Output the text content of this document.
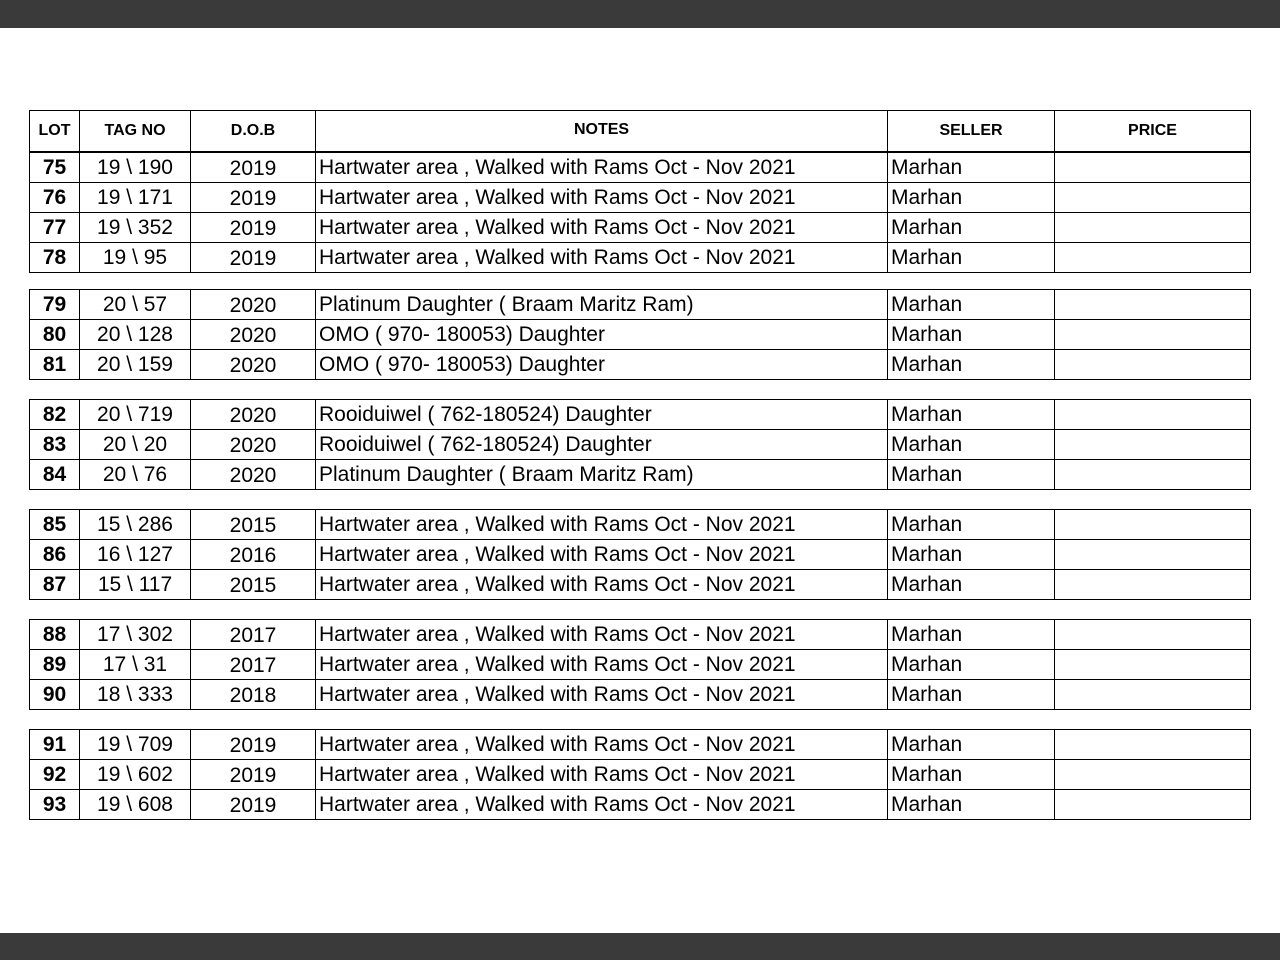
LOT	TAG NO	D.O.B	NOTES	SELLER	PRICE
75	19 \ 190	2019	Hartwater area , Walked with Rams Oct - Nov 2021	Marhan	
76	19 \ 171	2019	Hartwater area , Walked with Rams Oct - Nov 2021	Marhan	
77	19 \ 352	2019	Hartwater area , Walked with Rams Oct - Nov 2021	Marhan	
78	19 \ 95	2019	Hartwater area , Walked with Rams Oct - Nov 2021	Marhan	
79	20 \ 57	2020	Platinum Daughter ( Braam Maritz Ram)	Marhan	
80	20 \ 128	2020	OMO ( 970- 180053) Daughter	Marhan	
81	20 \ 159	2020	OMO ( 970- 180053) Daughter	Marhan	
82	20 \ 719	2020	Rooiduiwel ( 762-180524) Daughter	Marhan	
83	20 \ 20	2020	Rooiduiwel ( 762-180524) Daughter	Marhan	
84	20 \ 76	2020	Platinum Daughter ( Braam Maritz Ram)	Marhan	
85	15 \ 286	2015	Hartwater area , Walked with Rams Oct - Nov 2021	Marhan	
86	16 \ 127	2016	Hartwater area , Walked with Rams Oct - Nov 2021	Marhan	
87	15 \ 117	2015	Hartwater area , Walked with Rams Oct - Nov 2021	Marhan	
88	17 \ 302	2017	Hartwater area , Walked with Rams Oct - Nov 2021	Marhan	
89	17 \ 31	2017	Hartwater area , Walked with Rams Oct - Nov 2021	Marhan	
90	18 \ 333	2018	Hartwater area , Walked with Rams Oct - Nov 2021	Marhan	
91	19 \ 709	2019	Hartwater area , Walked with Rams Oct - Nov 2021	Marhan	
92	19 \ 602	2019	Hartwater area , Walked with Rams Oct - Nov 2021	Marhan	
93	19 \ 608	2019	Hartwater area , Walked with Rams Oct - Nov 2021	Marhan	
